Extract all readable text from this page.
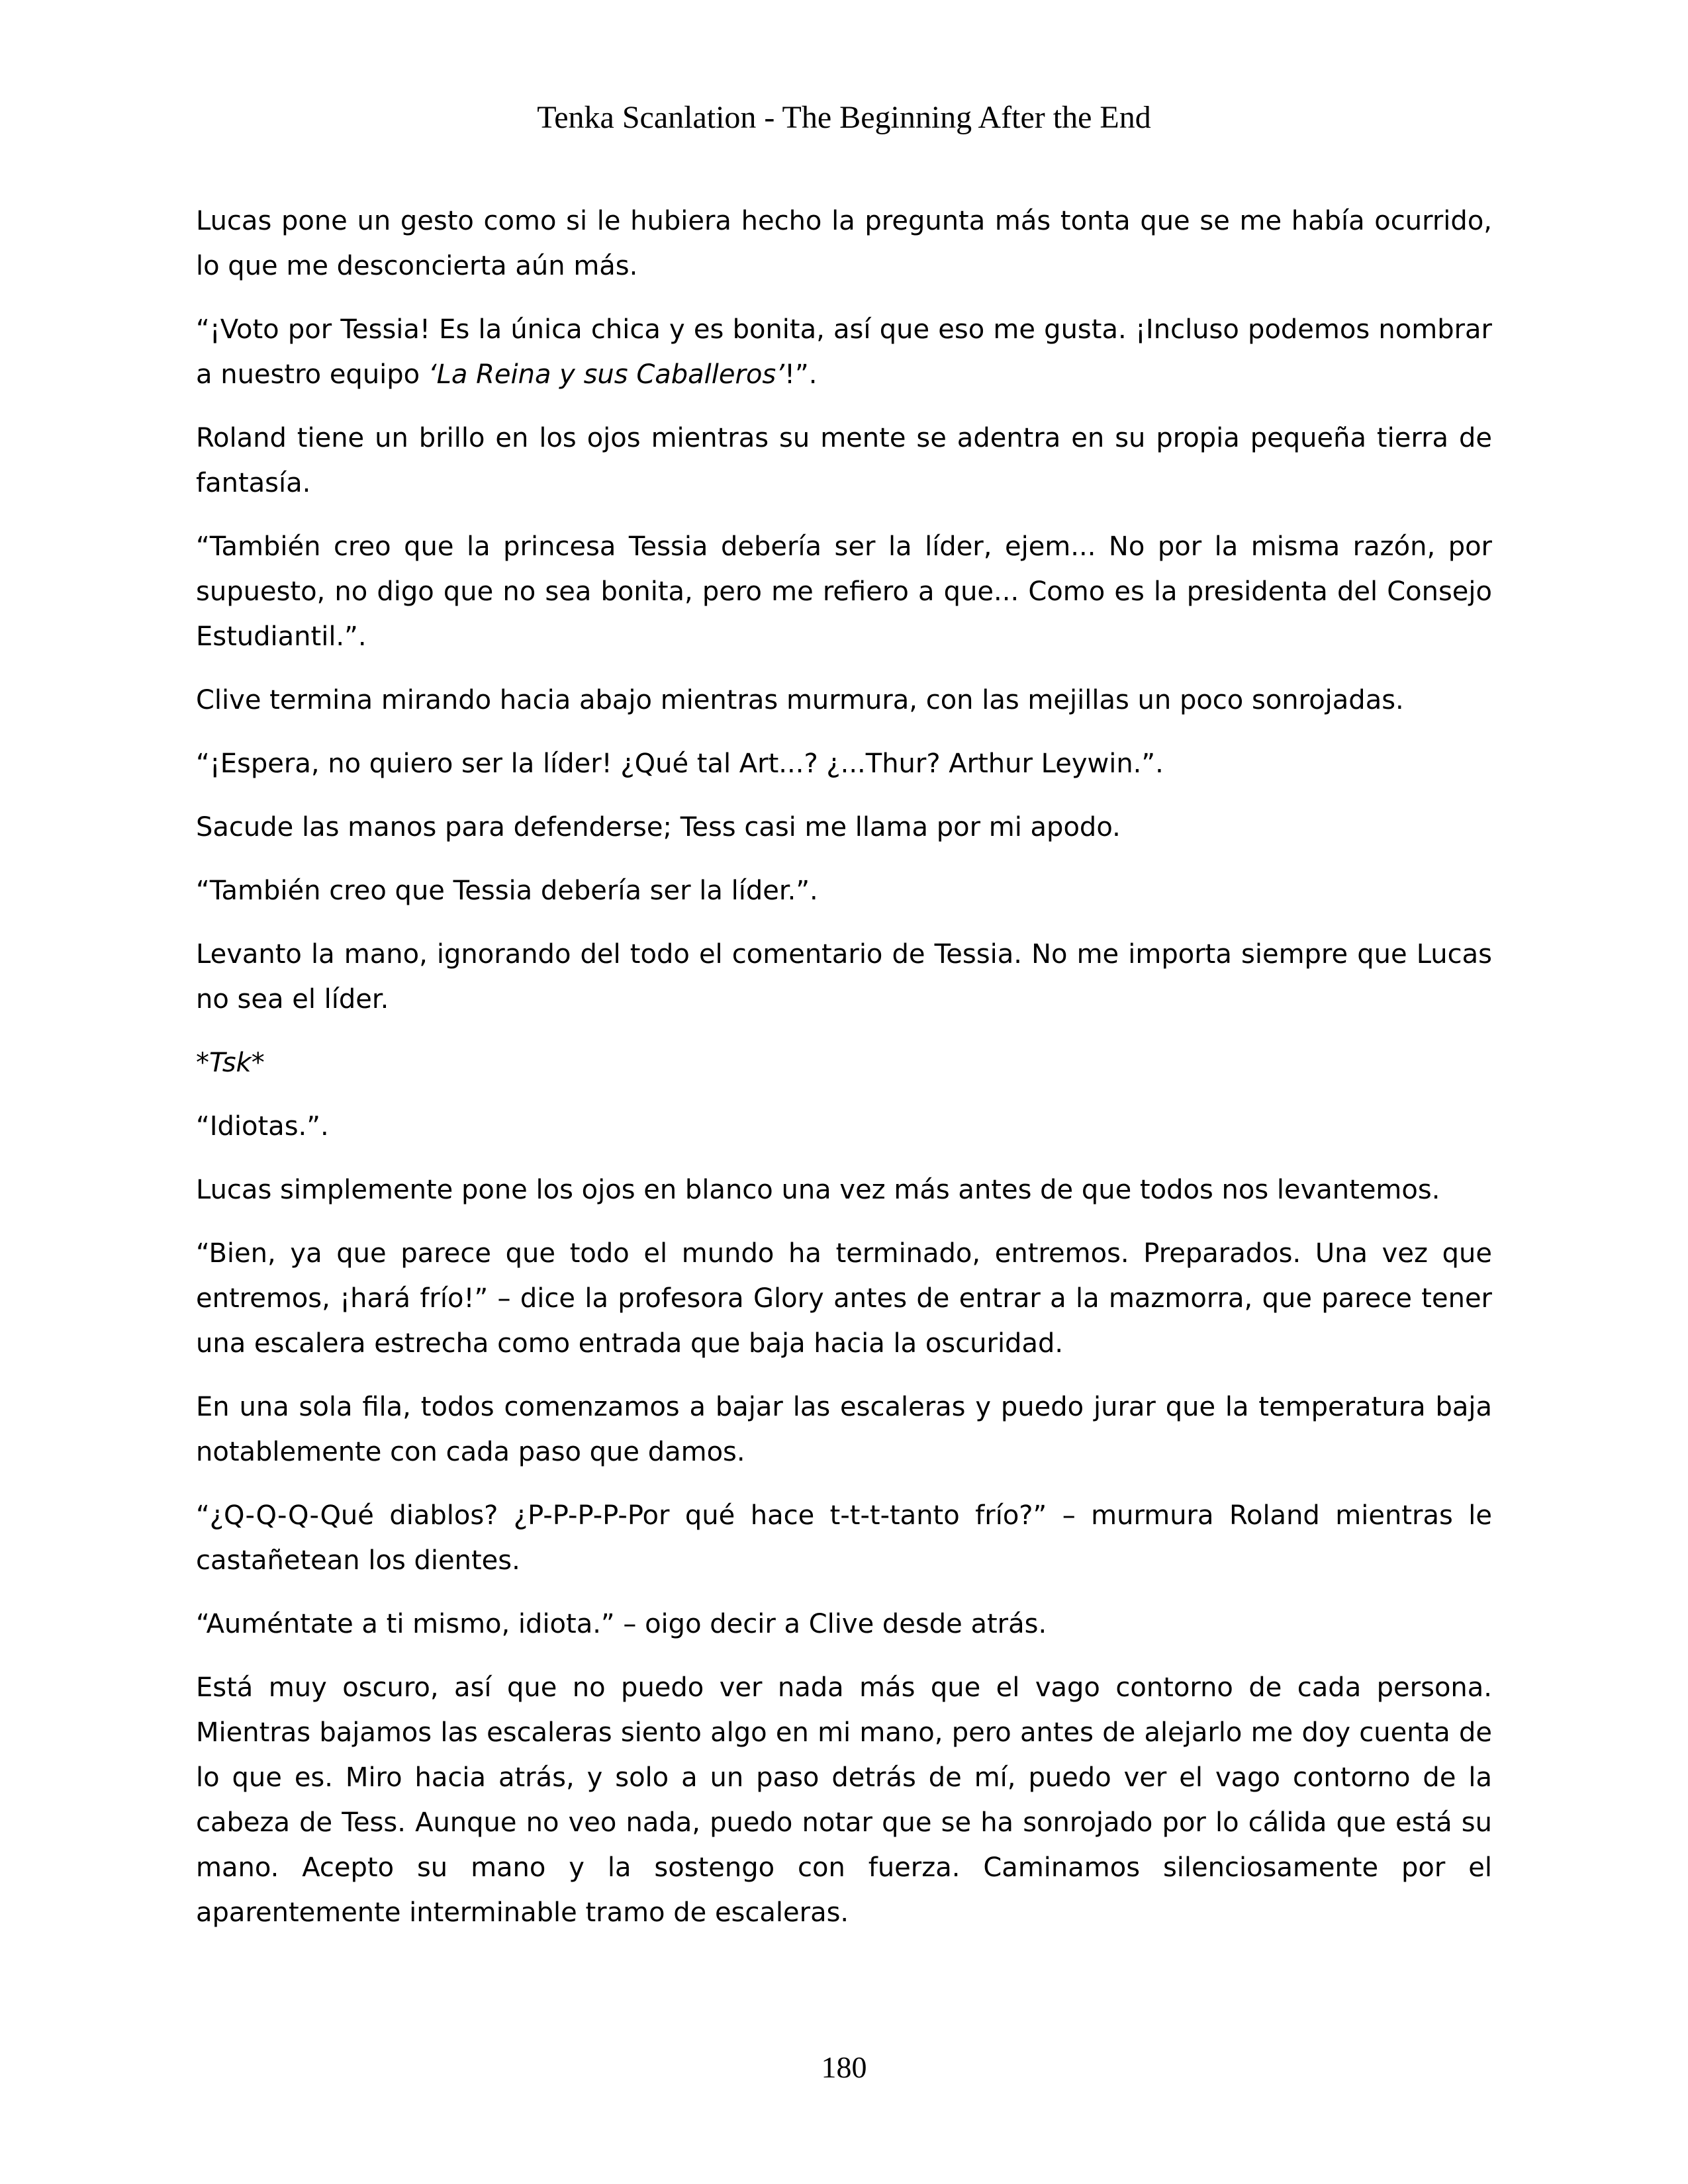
Tenka Scanlation - The Beginning After the End

Lucas pone un gesto como si le hubiera hecho la pregunta más tonta que se me había ocurrido, lo que me desconcierta aún más.

“¡Voto por Tessia! Es la única chica y es bonita, así que eso me gusta. ¡Incluso podemos nombrar a nuestro equipo ‘La Reina y sus Caballeros’!”.

Roland tiene un brillo en los ojos mientras su mente se adentra en su propia pequeña tierra de fantasía.

“También creo que la princesa Tessia debería ser la líder, ejem... No por la misma razón, por supuesto, no digo que no sea bonita, pero me refiero a que... Como es la presidenta del Consejo Estudiantil.”.

Clive termina mirando hacia abajo mientras murmura, con las mejillas un poco sonrojadas.

“¡Espera, no quiero ser la líder! ¿Qué tal Art...? ¿...Thur? Arthur Leywin.”.

Sacude las manos para defenderse; Tess casi me llama por mi apodo.

“También creo que Tessia debería ser la líder.”.

Levanto la mano, ignorando del todo el comentario de Tessia. No me importa siempre que Lucas no sea el líder.

*Tsk*

“Idiotas.”.

Lucas simplemente pone los ojos en blanco una vez más antes de que todos nos levantemos.

“Bien, ya que parece que todo el mundo ha terminado, entremos. Preparados. Una vez que entremos, ¡hará frío!” – dice la profesora Glory antes de entrar a la mazmorra, que parece tener una escalera estrecha como entrada que baja hacia la oscuridad.

En una sola fila, todos comenzamos a bajar las escaleras y puedo jurar que la temperatura baja notablemente con cada paso que damos.

“¿Q-Q-Q-Qué diablos? ¿P-P-P-P-Por qué hace t-t-t-tanto frío?” – murmura Roland mientras le castañetean los dientes.

“Auméntate a ti mismo, idiota.” – oigo decir a Clive desde atrás.

Está muy oscuro, así que no puedo ver nada más que el vago contorno de cada persona. Mientras bajamos las escaleras siento algo en mi mano, pero antes de alejarlo me doy cuenta de lo que es. Miro hacia atrás, y solo a un paso detrás de mí, puedo ver el vago contorno de la cabeza de Tess. Aunque no veo nada, puedo notar que se ha sonrojado por lo cálida que está su mano. Acepto su mano y la sostengo con fuerza. Caminamos silenciosamente por el aparentemente interminable tramo de escaleras.

180
